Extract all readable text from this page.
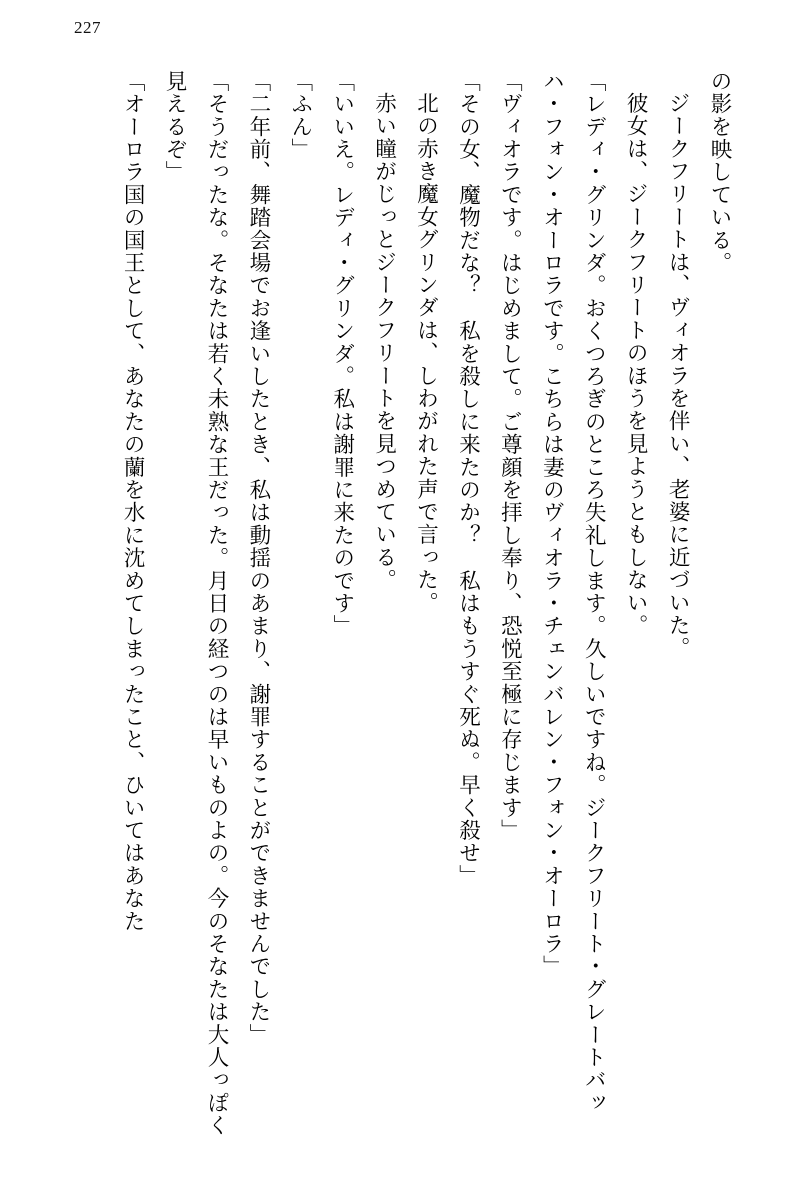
227

の影を映している。

ジークフリートは、ヴィオラを伴い、老婆に近づいた。

彼女は、ジークフリートのほうを見ようともしない。

「レディ・グリンダ。おくつろぎのところ失礼します。久しいですね。ジークフリート・グレートバッハ・フォン・オーロラです。こちらは妻のヴィオラ・チェンバレン・フォン・オーロラ」

「ヴィオラです。はじめまして。ご尊顔を拝し奉り、恐悦至極に存じます」

「その女、魔物だな？　私を殺しに来たのか？　私はもうすぐ死ぬ。早く殺せ」

北の赤き魔女グリンダは、しわがれた声で言った。

赤い瞳がじっとジークフリートを見つめている。

「いいえ。レディ・グリンダ。私は謝罪に来たのです」

「ふん」

「二年前、舞踏会場でお逢いしたとき、私は動揺のあまり、謝罪することができませんでした」

「そうだったな。そなたは若く未熟な王だった。月日の経つのは早いものよの。今のそなたは大人っぽく見えるぞ」

「オーロラ国の国王として、あなたの蘭を水に沈めてしまったこと、ひいてはあなた
